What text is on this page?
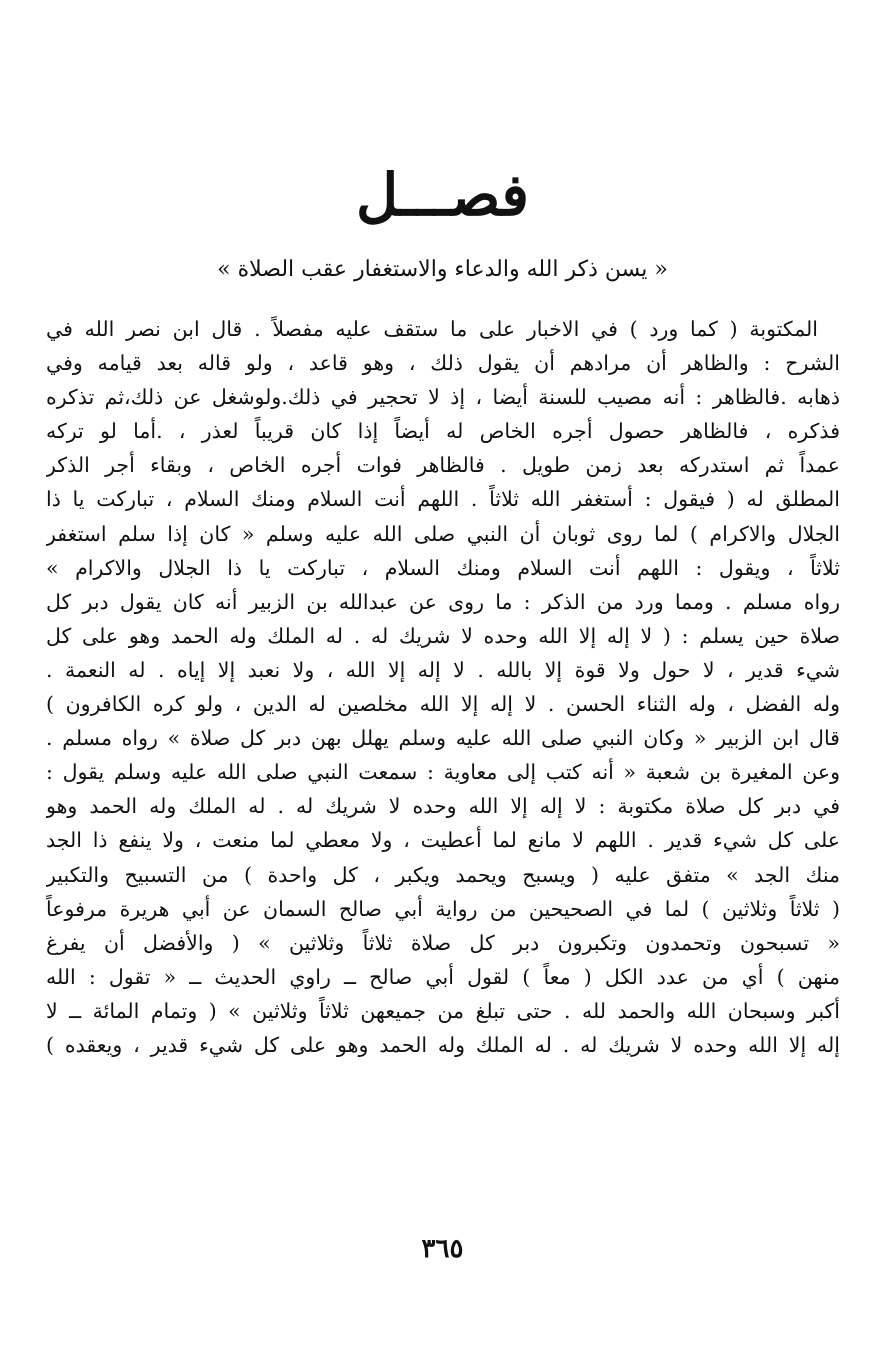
فصـــل
« يسن ذكر الله والدعاء والاستغفار عقب الصلاة »
المكتوبة ( كما ورد ) في الاخبار على ما ستقف عليه مفصلاً . قال ابن نصر الله في
الشرح : والظاهر أن مرادهم أن يقول ذلك ، وهو قاعد ، ولو قاله بعد قيامه وفي
ذهابه .فالظاهر : أنه مصيب للسنة أيضا ، إذ لا تحجير في ذلك.ولوشغل عن ذلك،ثم تذكره
فذكره ، فالظاهر حصول أجره الخاص له أيضاً إذا كان قريباً لعذر ، .أما لو تركه
عمداً ثم استدركه بعد زمن طويل . فالظاهر فوات أجره الخاص ، وبقاء أجر الذكر
المطلق له ( فيقول : أستغفر الله ثلاثاً . اللهم أنت السلام ومنك السلام ، تباركت يا ذا
الجلال والاكرام ) لما روى ثوبان أن النبي صلى الله عليه وسلم « كان إذا سلم استغفر
ثلاثاً ، ويقول : اللهم أنت السلام ومنك السلام ، تباركت يا ذا الجلال والاكرام »
رواه مسلم . ومما ورد من الذكر : ما روى عن عبدالله بن الزبير أنه كان يقول دبر كل
صلاة حين يسلم : ( لا إله إلا الله وحده لا شريك له . له الملك وله الحمد وهو على كل
شيء قدير ، لا حول ولا قوة إلا بالله . لا إله إلا الله ، ولا نعبد إلا إياه . له النعمة .
وله الفضل ، وله الثناء الحسن . لا إله إلا الله مخلصين له الدين ، ولو كره الكافرون )
قال ابن الزبير « وكان النبي صلى الله عليه وسلم يهلل بهن دبر كل صلاة » رواه مسلم .
وعن المغيرة بن شعبة « أنه كتب إلى معاوية : سمعت النبي صلى الله عليه وسلم يقول :
في دبر كل صلاة مكتوبة : لا إله إلا الله وحده لا شريك له . له الملك وله الحمد وهو
على كل شيء قدير . اللهم لا مانع لما أعطيت ، ولا معطي لما منعت ، ولا ينفع ذا الجد
منك الجد » متفق عليه ( ويسبح ويحمد ويكبر ، كل واحدة ) من التسبيح والتكبير
( ثلاثاً وثلاثين ) لما في الصحيحين من رواية أبي صالح السمان عن أبي هريرة مرفوعاً
« تسبحون وتحمدون وتكبرون دبر كل صلاة ثلاثاً وثلاثين » ( والأفضل أن يفرغ
منهن ) أي من عدد الكل ( معاً ) لقول أبي صالح ــ راوي الحديث ــ « تقول : الله
أكبر وسبحان الله والحمد لله . حتى تبلغ من جميعهن ثلاثاً وثلاثين » ( وتمام المائة ــ لا
إله إلا الله وحده لا شريك له . له الملك وله الحمد وهو على كل شيء قدير ، ويعقده )
٣٦٥
